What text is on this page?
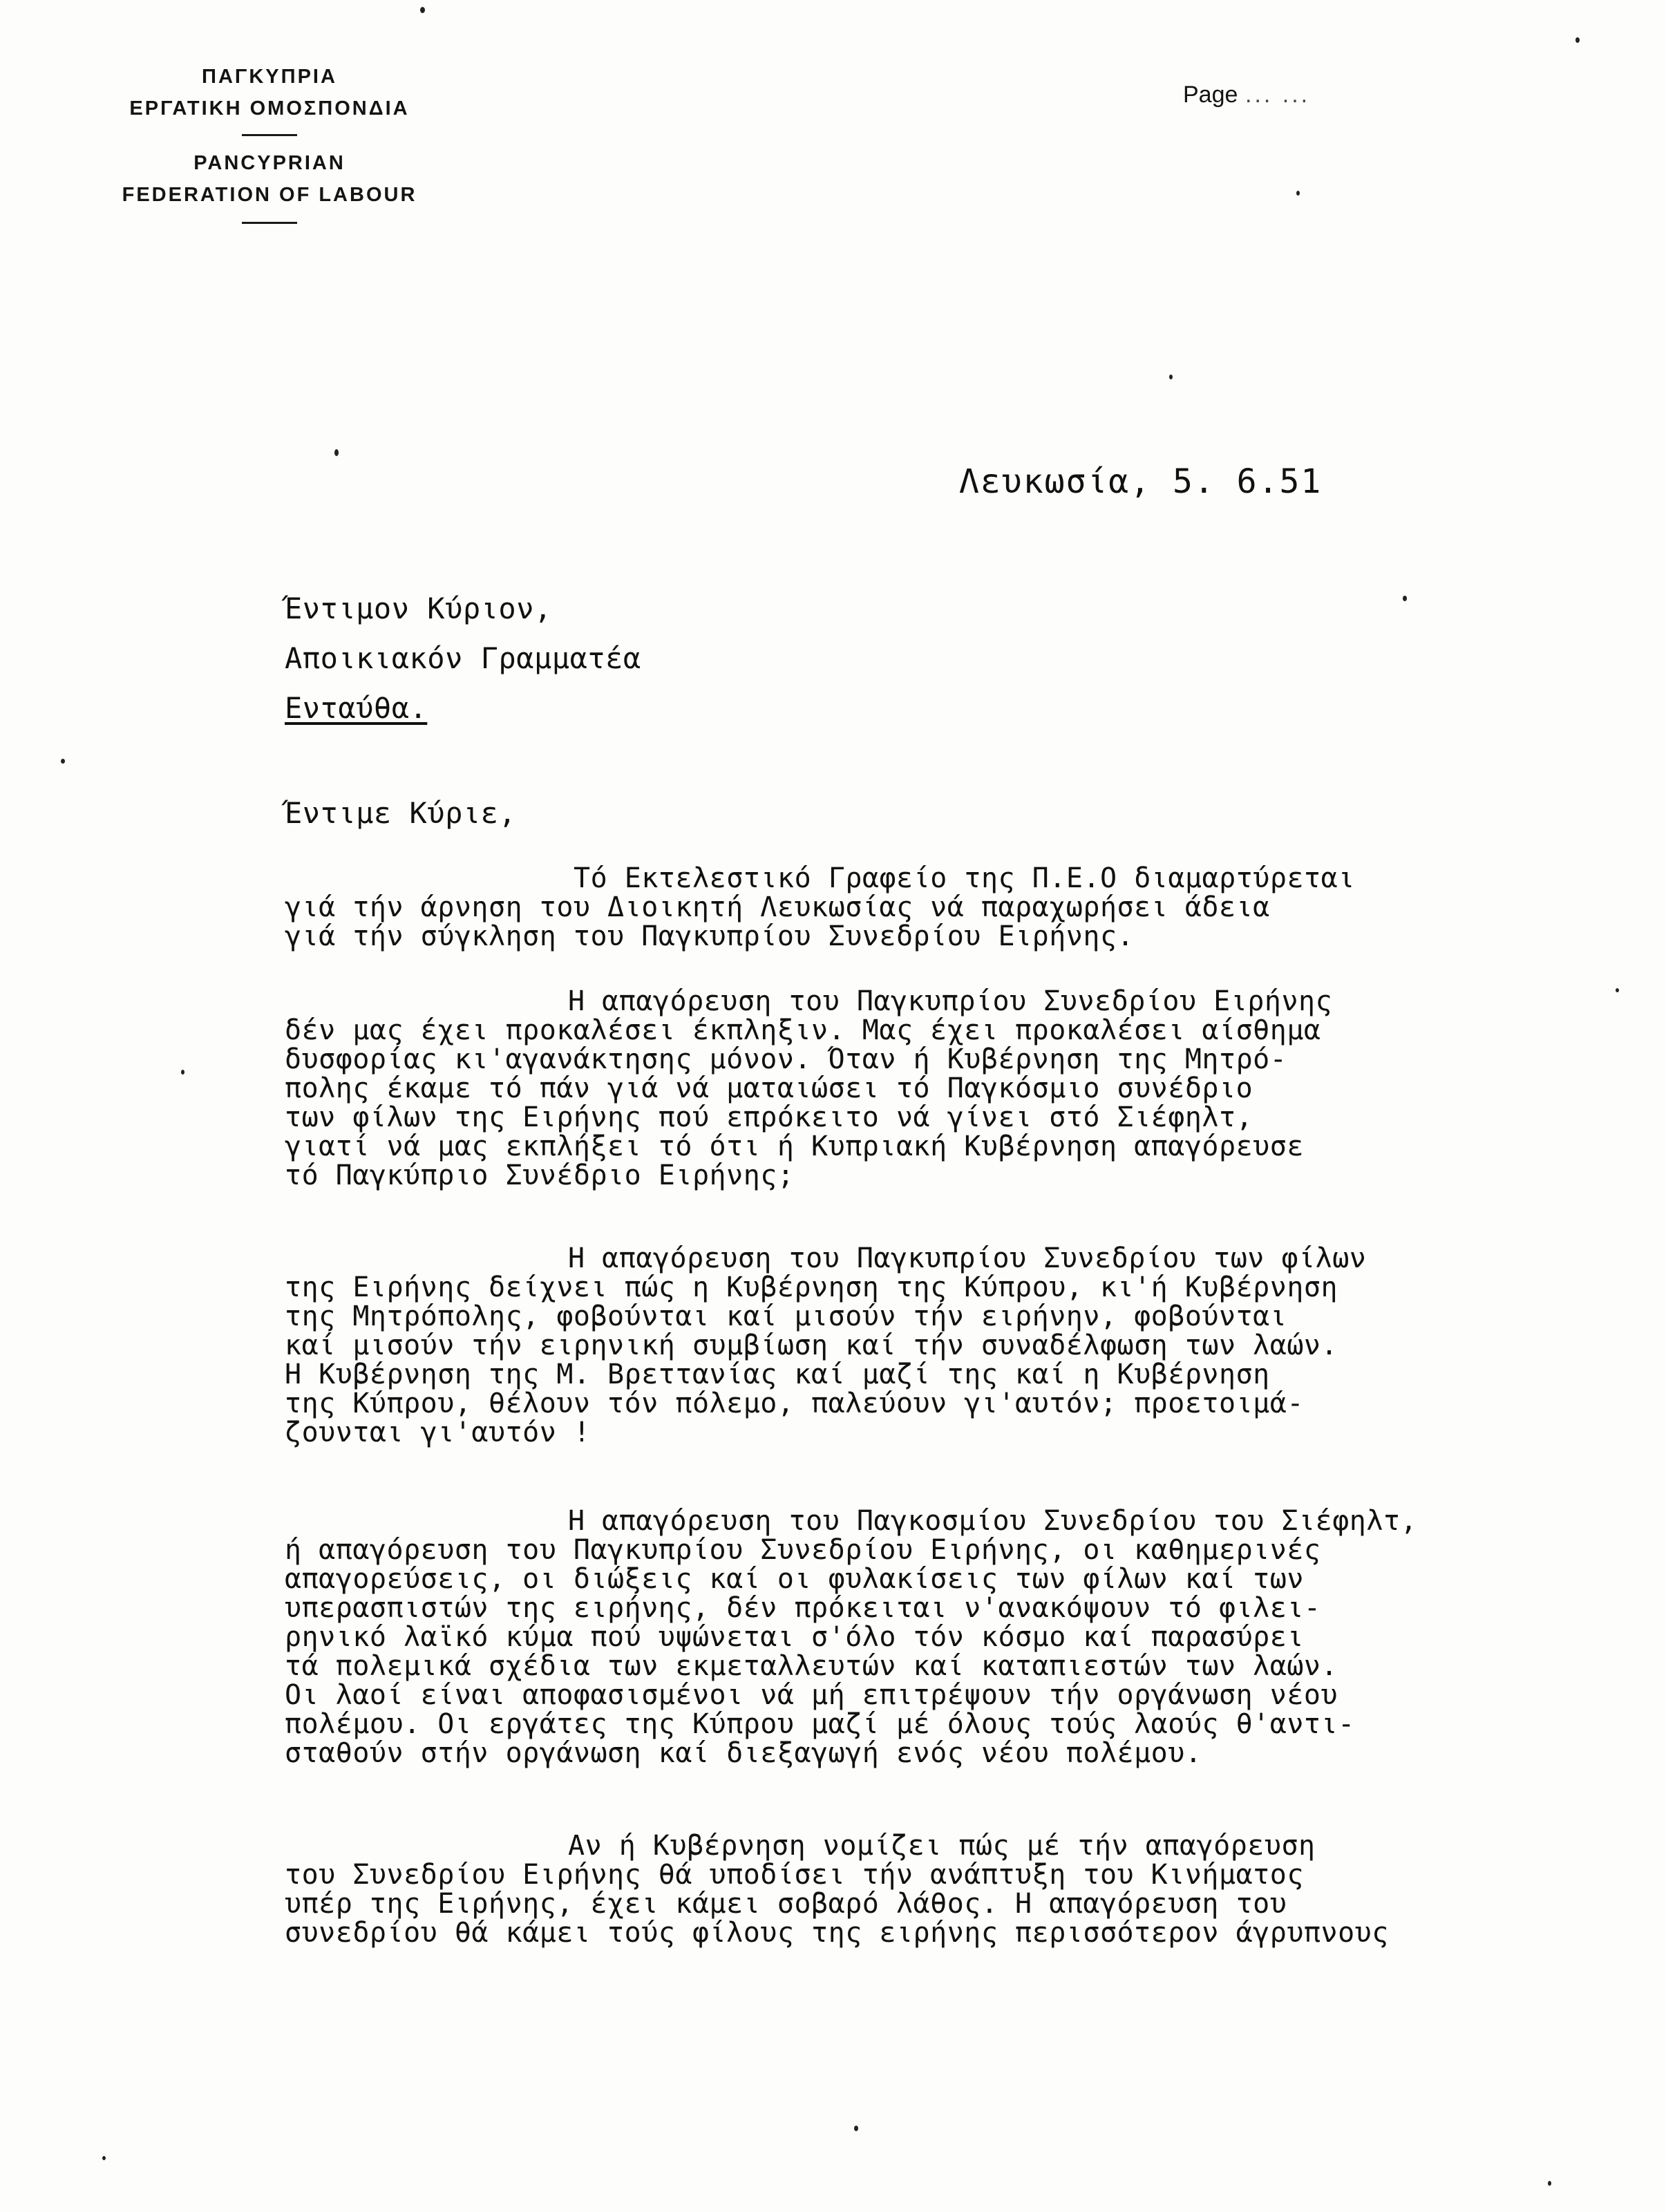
ΠΑΓΚΥΠΡΙΑ
ΕΡΓΑΤΙΚΗ ΟΜΟΣΠΟΝΔΙΑ
PANCYPRIAN
FEDERATION OF LABOUR
Page ... ...
Λευκωσία, 5. 6.51
Έντιμον Κύριον,
Αποικιακόν Γραμματέα
Ενταύθα.
Έντιμε Κύριε,
Τό Εκτελεστικό Γραφείο της Π.Ε.Ο διαμαρτύρεται
γιά τήν άρνηση του Διοικητή Λευκωσίας νά παραχωρήσει άδεια
γιά τήν σύγκληση του Παγκυπρίου Συνεδρίου Ειρήνης.
Η απαγόρευση του Παγκυπρίου Συνεδρίου Ειρήνης
δέν μας έχει προκαλέσει έκπληξιν. Μας έχει προκαλέσει αίσθημα
δυσφορίας κι'αγανάκτησης μόνον. Όταν ή Κυβέρνηση της Μητρό-
πολης έκαμε τό πάν γιά νά ματαιώσει τό Παγκόσμιο συνέδριο
των φίλων της Ειρήνης πού επρόκειτο νά γίνει στό Σιέφηλτ,
γιατί νά μας εκπλήξει τό ότι ή Κυπριακή Κυβέρνηση απαγόρευσε
τό Παγκύπριο Συνέδριο Ειρήνης;
Η απαγόρευση του Παγκυπρίου Συνεδρίου των φίλων
της Ειρήνης δείχνει πώς η Κυβέρνηση της Κύπρου, κι'ή Κυβέρνηση
της Μητρόπολης, φοβούνται καί μισούν τήν ειρήνην, φοβούνται
καί μισούν τήν ειρηνική συμβίωση καί τήν συναδέλφωση των λαών.
Η Κυβέρνηση της Μ. Βρεττανίας καί μαζί της καί η Κυβέρνηση
της Κύπρου, θέλουν τόν πόλεμο, παλεύουν γι'αυτόν; προετοιμά-
ζουνται γι'αυτόν !
Η απαγόρευση του Παγκοσμίου Συνεδρίου του Σιέφηλτ,
ή απαγόρευση του Παγκυπρίου Συνεδρίου Ειρήνης, οι καθημερινές
απαγορεύσεις, οι διώξεις καί οι φυλακίσεις των φίλων καί των
υπερασπιστών της ειρήνης, δέν πρόκειται ν'ανακόψουν τό φιλει-
ρηνικό λαϊκό κύμα πού υψώνεται σ'όλο τόν κόσμο καί παρασύρει
τά πολεμικά σχέδια των εκμεταλλευτών καί καταπιεστών των λαών.
Οι λαοί είναι αποφασισμένοι νά μή επιτρέψουν τήν οργάνωση νέου
πολέμου. Οι εργάτες της Κύπρου μαζί μέ όλους τούς λαούς θ'αντι-
σταθούν στήν οργάνωση καί διεξαγωγή ενός νέου πολέμου.
Αν ή Κυβέρνηση νομίζει πώς μέ τήν απαγόρευση
του Συνεδρίου Ειρήνης θά υποδίσει τήν ανάπτυξη του Κινήματος
υπέρ της Ειρήνης, έχει κάμει σοβαρό λάθος. Η απαγόρευση του
συνεδρίου θά κάμει τούς φίλους της ειρήνης περισσότερον άγρυπνους
